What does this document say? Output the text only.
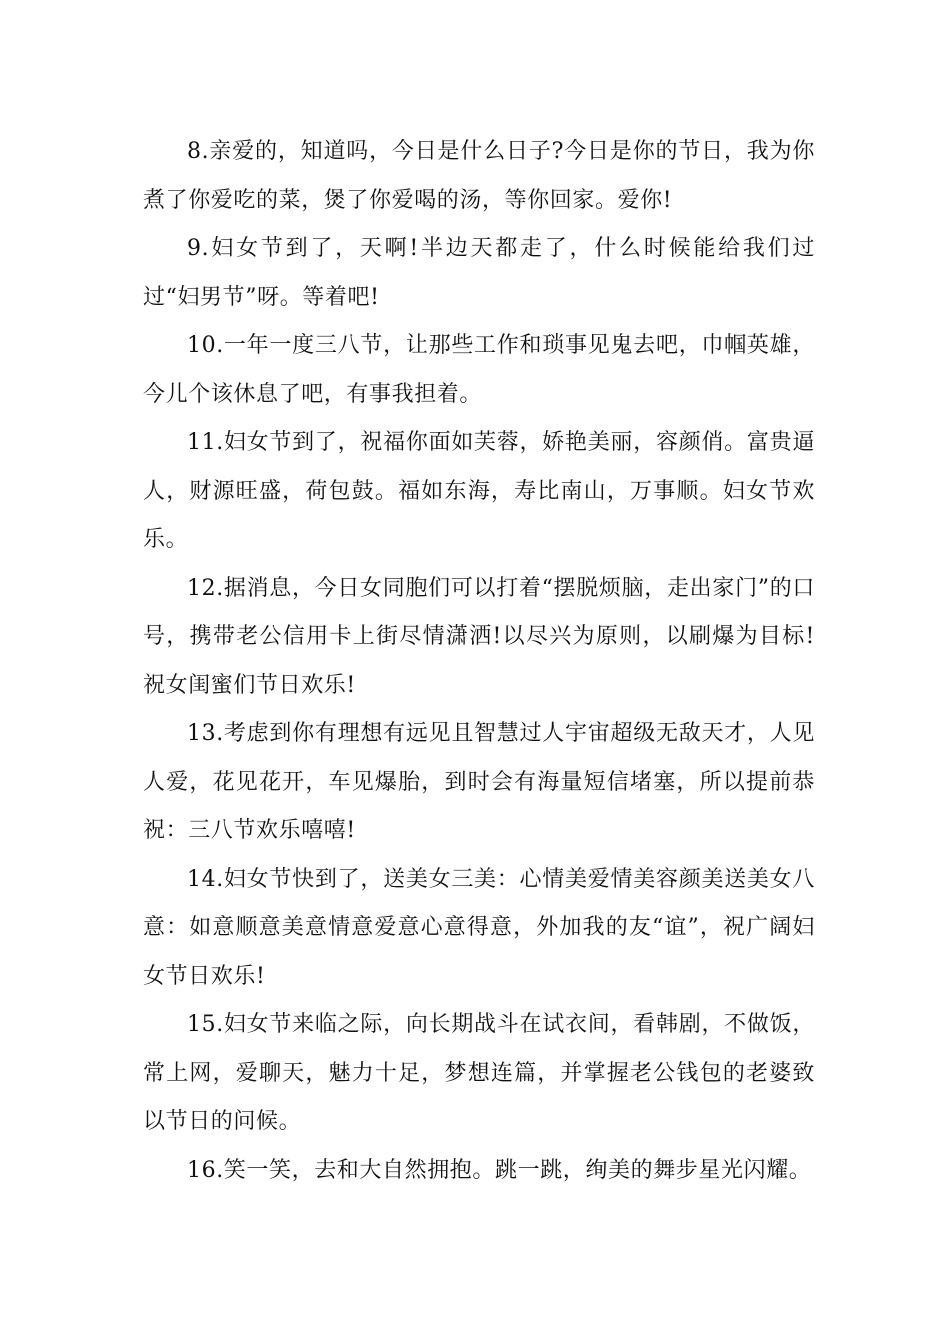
8.亲爱的，知道吗，今日是什么日子?今日是你的节日，我为你煮了你爱吃的菜，煲了你爱喝的汤，等你回家。爱你!

9.妇女节到了，天啊!半边天都走了，什么时候能给我们过过“妇男节”呀。等着吧!

10.一年一度三八节，让那些工作和琐事见鬼去吧，巾帼英雄，今儿个该休息了吧，有事我担着。

11.妇女节到了，祝福你面如芙蓉，娇艳美丽，容颜俏。富贵逼人，财源旺盛，荷包鼓。福如东海，寿比南山，万事顺。妇女节欢乐。

12.据消息，今日女同胞们可以打着“摆脱烦脑，走出家门”的口号，携带老公信用卡上街尽情潇洒!以尽兴为原则，以刷爆为目标!祝女闺蜜们节日欢乐!

13.考虑到你有理想有远见且智慧过人宇宙超级无敌天才，人见人爱，花见花开，车见爆胎，到时会有海量短信堵塞，所以提前恭祝：三八节欢乐嘻嘻!

14.妇女节快到了，送美女三美：心情美爱情美容颜美送美女八意：如意顺意美意情意爱意心意得意，外加我的友“谊”，祝广阔妇女节日欢乐!

15.妇女节来临之际，向长期战斗在试衣间，看韩剧，不做饭，常上网，爱聊天，魅力十足，梦想连篇，并掌握老公钱包的老婆致以节日的问候。

16.笑一笑，去和大自然拥抱。跳一跳，绚美的舞步星光闪耀。
